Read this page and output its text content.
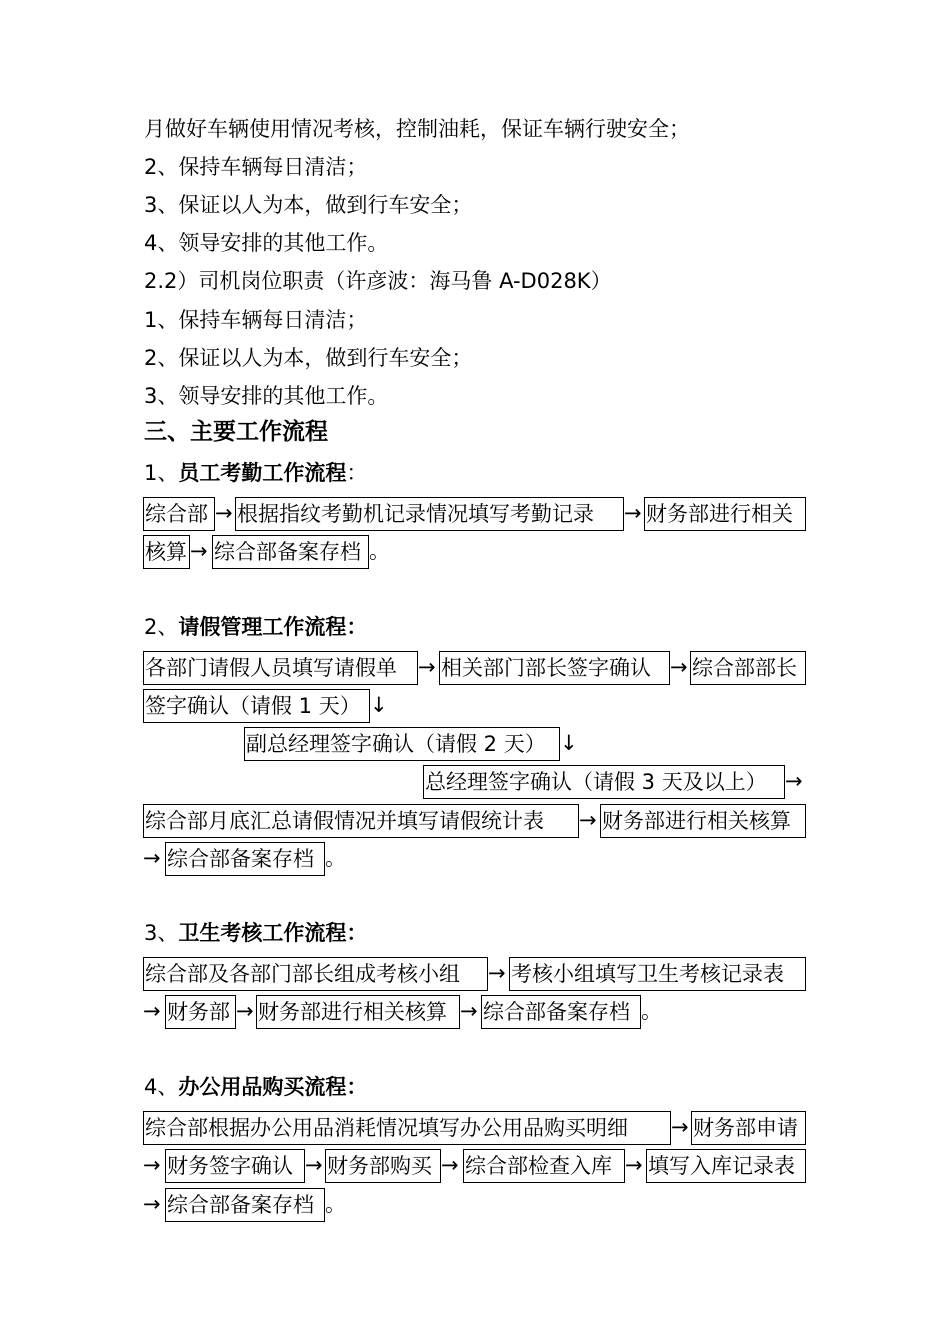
月做好车辆使用情况考核，控制油耗，保证车辆行驶安全；
2、保持车辆每日清洁；
3、保证以人为本，做到行车安全；
4、领导安排的其他工作。
2.2）司机岗位职责（许彦波：海马鲁 A-D028K）
1、保持车辆每日清洁；
2、保证以人为本，做到行车安全；
3、领导安排的其他工作。
三、主要工作流程
1、员工考勤工作流程：
综合部 → 根据指纹考勤机记录情况填写考勤记录	→ 财务部进行相关
核算 → 综合部备案存档 。
2、请假管理工作流程：
各部门请假人员填写请假单	→ 相关部门部长签字确认 → 综合部部长
签字确认（请假 1 天） ↓
副总经理签字确认（请假 2 天） ↓
总经理签字确认（请假 3 天及以上） →
综合部月底汇总请假情况并填写请假统计表	→ 财务部进行相关核算
→ 综合部备案存档 。
3、卫生考核工作流程：
综合部及各部门部长组成考核小组	→ 考核小组填写卫生考核记录表
→ 财务部 → 财务部进行相关核算 → 综合部备案存档 。
4、办公用品购买流程：
综合部根据办公用品消耗情况填写办公用品购买明细	→ 财务部申请
→ 财务签字确认 → 财务部购买 → 综合部检查入库 → 填写入库记录表
→ 综合部备案存档 。
